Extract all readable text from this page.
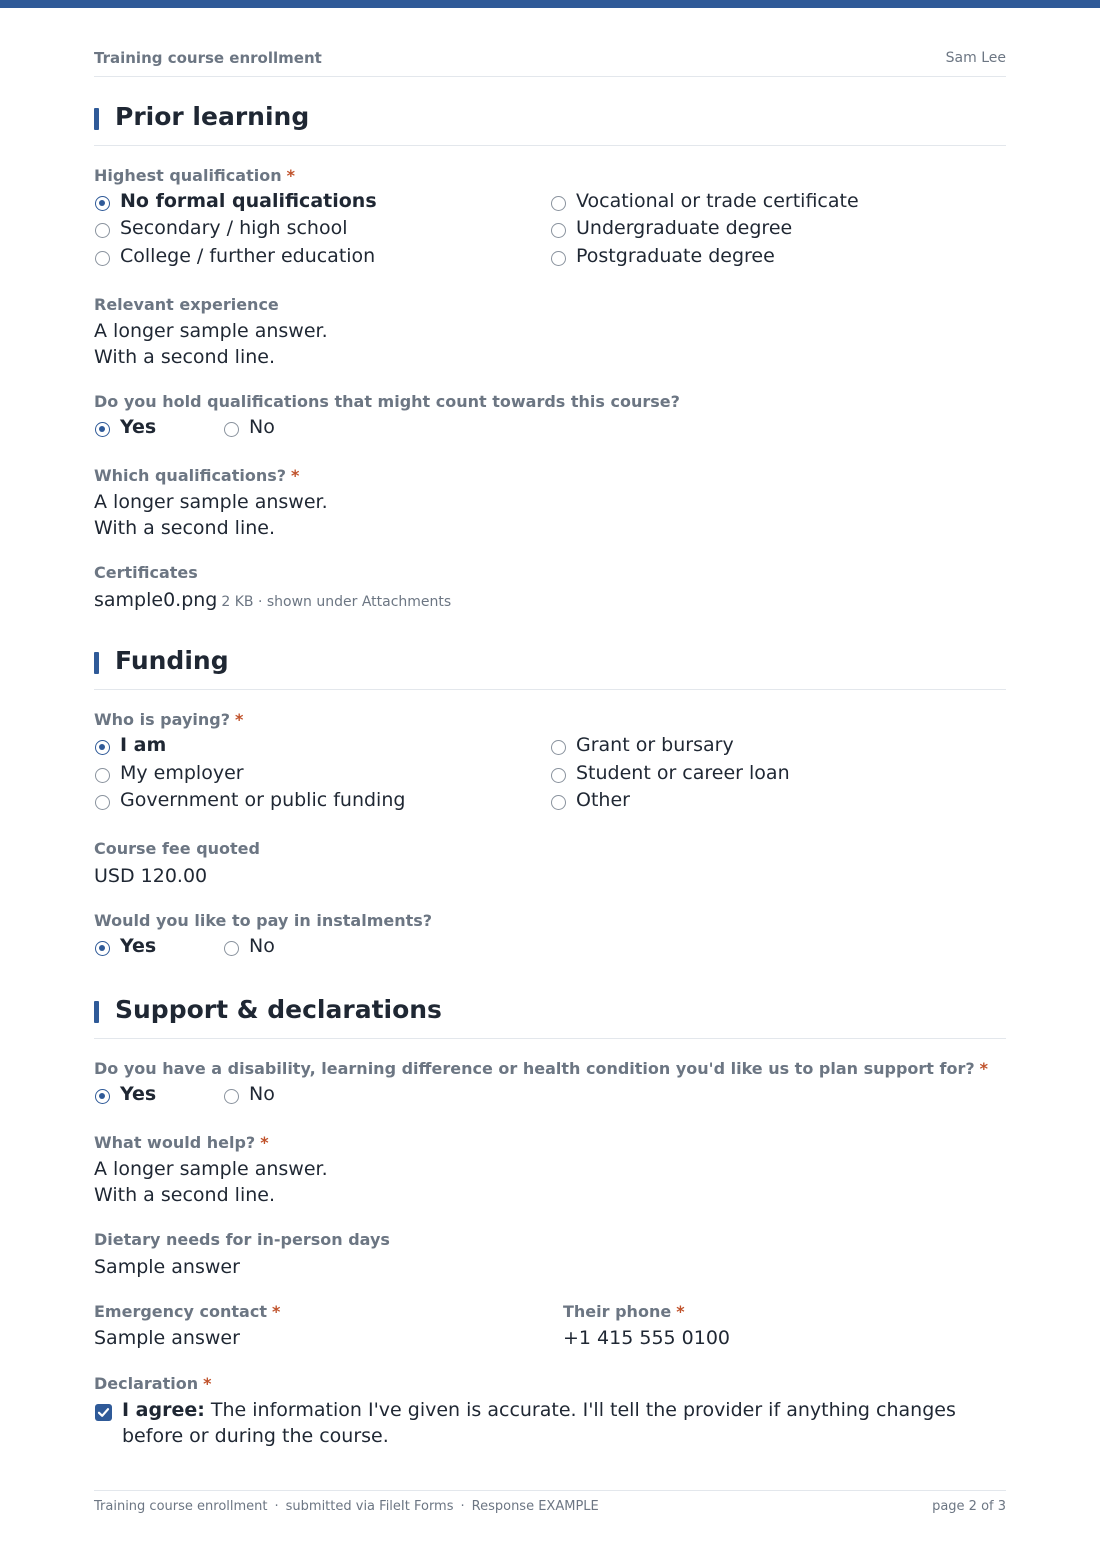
Training course enrollment	Sam Lee
Prior learning
Highest qualification *
No formal qualifications
Secondary / high school
College / further education
Vocational or trade certificate
Undergraduate degree
Postgraduate degree
Relevant experience
A longer sample answer.
With a second line.
Do you hold qualifications that might count towards this course?
Yes	No
Which qualifications? *
A longer sample answer.
With a second line.
Certificates
sample0.png 2 KB · shown under Attachments
Funding
Who is paying? *
I am
My employer
Government or public funding
Grant or bursary
Student or career loan
Other
Course fee quoted
USD 120.00
Would you like to pay in instalments?
Yes	No
Support & declarations
Do you have a disability, learning difference or health condition you'd like us to plan support for? *
Yes	No
What would help? *
A longer sample answer.
With a second line.
Dietary needs for in-person days
Sample answer
Emergency contact *
Sample answer
Their phone *
+1 415 555 0100
Declaration *
I agree: The information I've given is accurate. I'll tell the provider if anything changes before or during the course.
Training course enrollment · submitted via FileIt Forms · Response EXAMPLE	page 2 of 3
